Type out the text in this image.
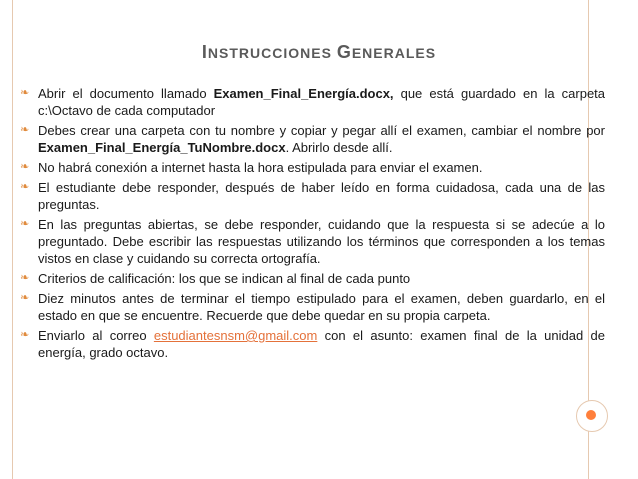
INSTRUCCIONES GENERALES
❧ Abrir el documento llamado Examen_Final_Energía.docx, que está guardado en la carpeta c:\Octavo de cada computador
❧ Debes crear una carpeta con tu nombre y copiar y pegar allí el examen, cambiar el nombre por Examen_Final_Energía_TuNombre.docx. Abrirlo desde allí.
❧ No habrá conexión a internet hasta la hora estipulada para enviar el examen.
❧ El estudiante debe responder, después de haber leído en forma cuidadosa, cada una de las preguntas.
❧ En las preguntas abiertas, se debe responder, cuidando que la respuesta si se adecúe a lo preguntado. Debe escribir las respuestas utilizando los términos que corresponden a los temas vistos en clase y cuidando su correcta ortografía.
❧ Criterios de calificación: los que se indican al final de cada punto
❧ Diez minutos antes de terminar el tiempo estipulado para el examen, deben guardarlo, en el estado en que se encuentre. Recuerde que debe quedar en su propia carpeta.
❧ Enviarlo al correo estudiantesnsm@gmail.com con el asunto: examen final de la unidad de energía, grado octavo.
